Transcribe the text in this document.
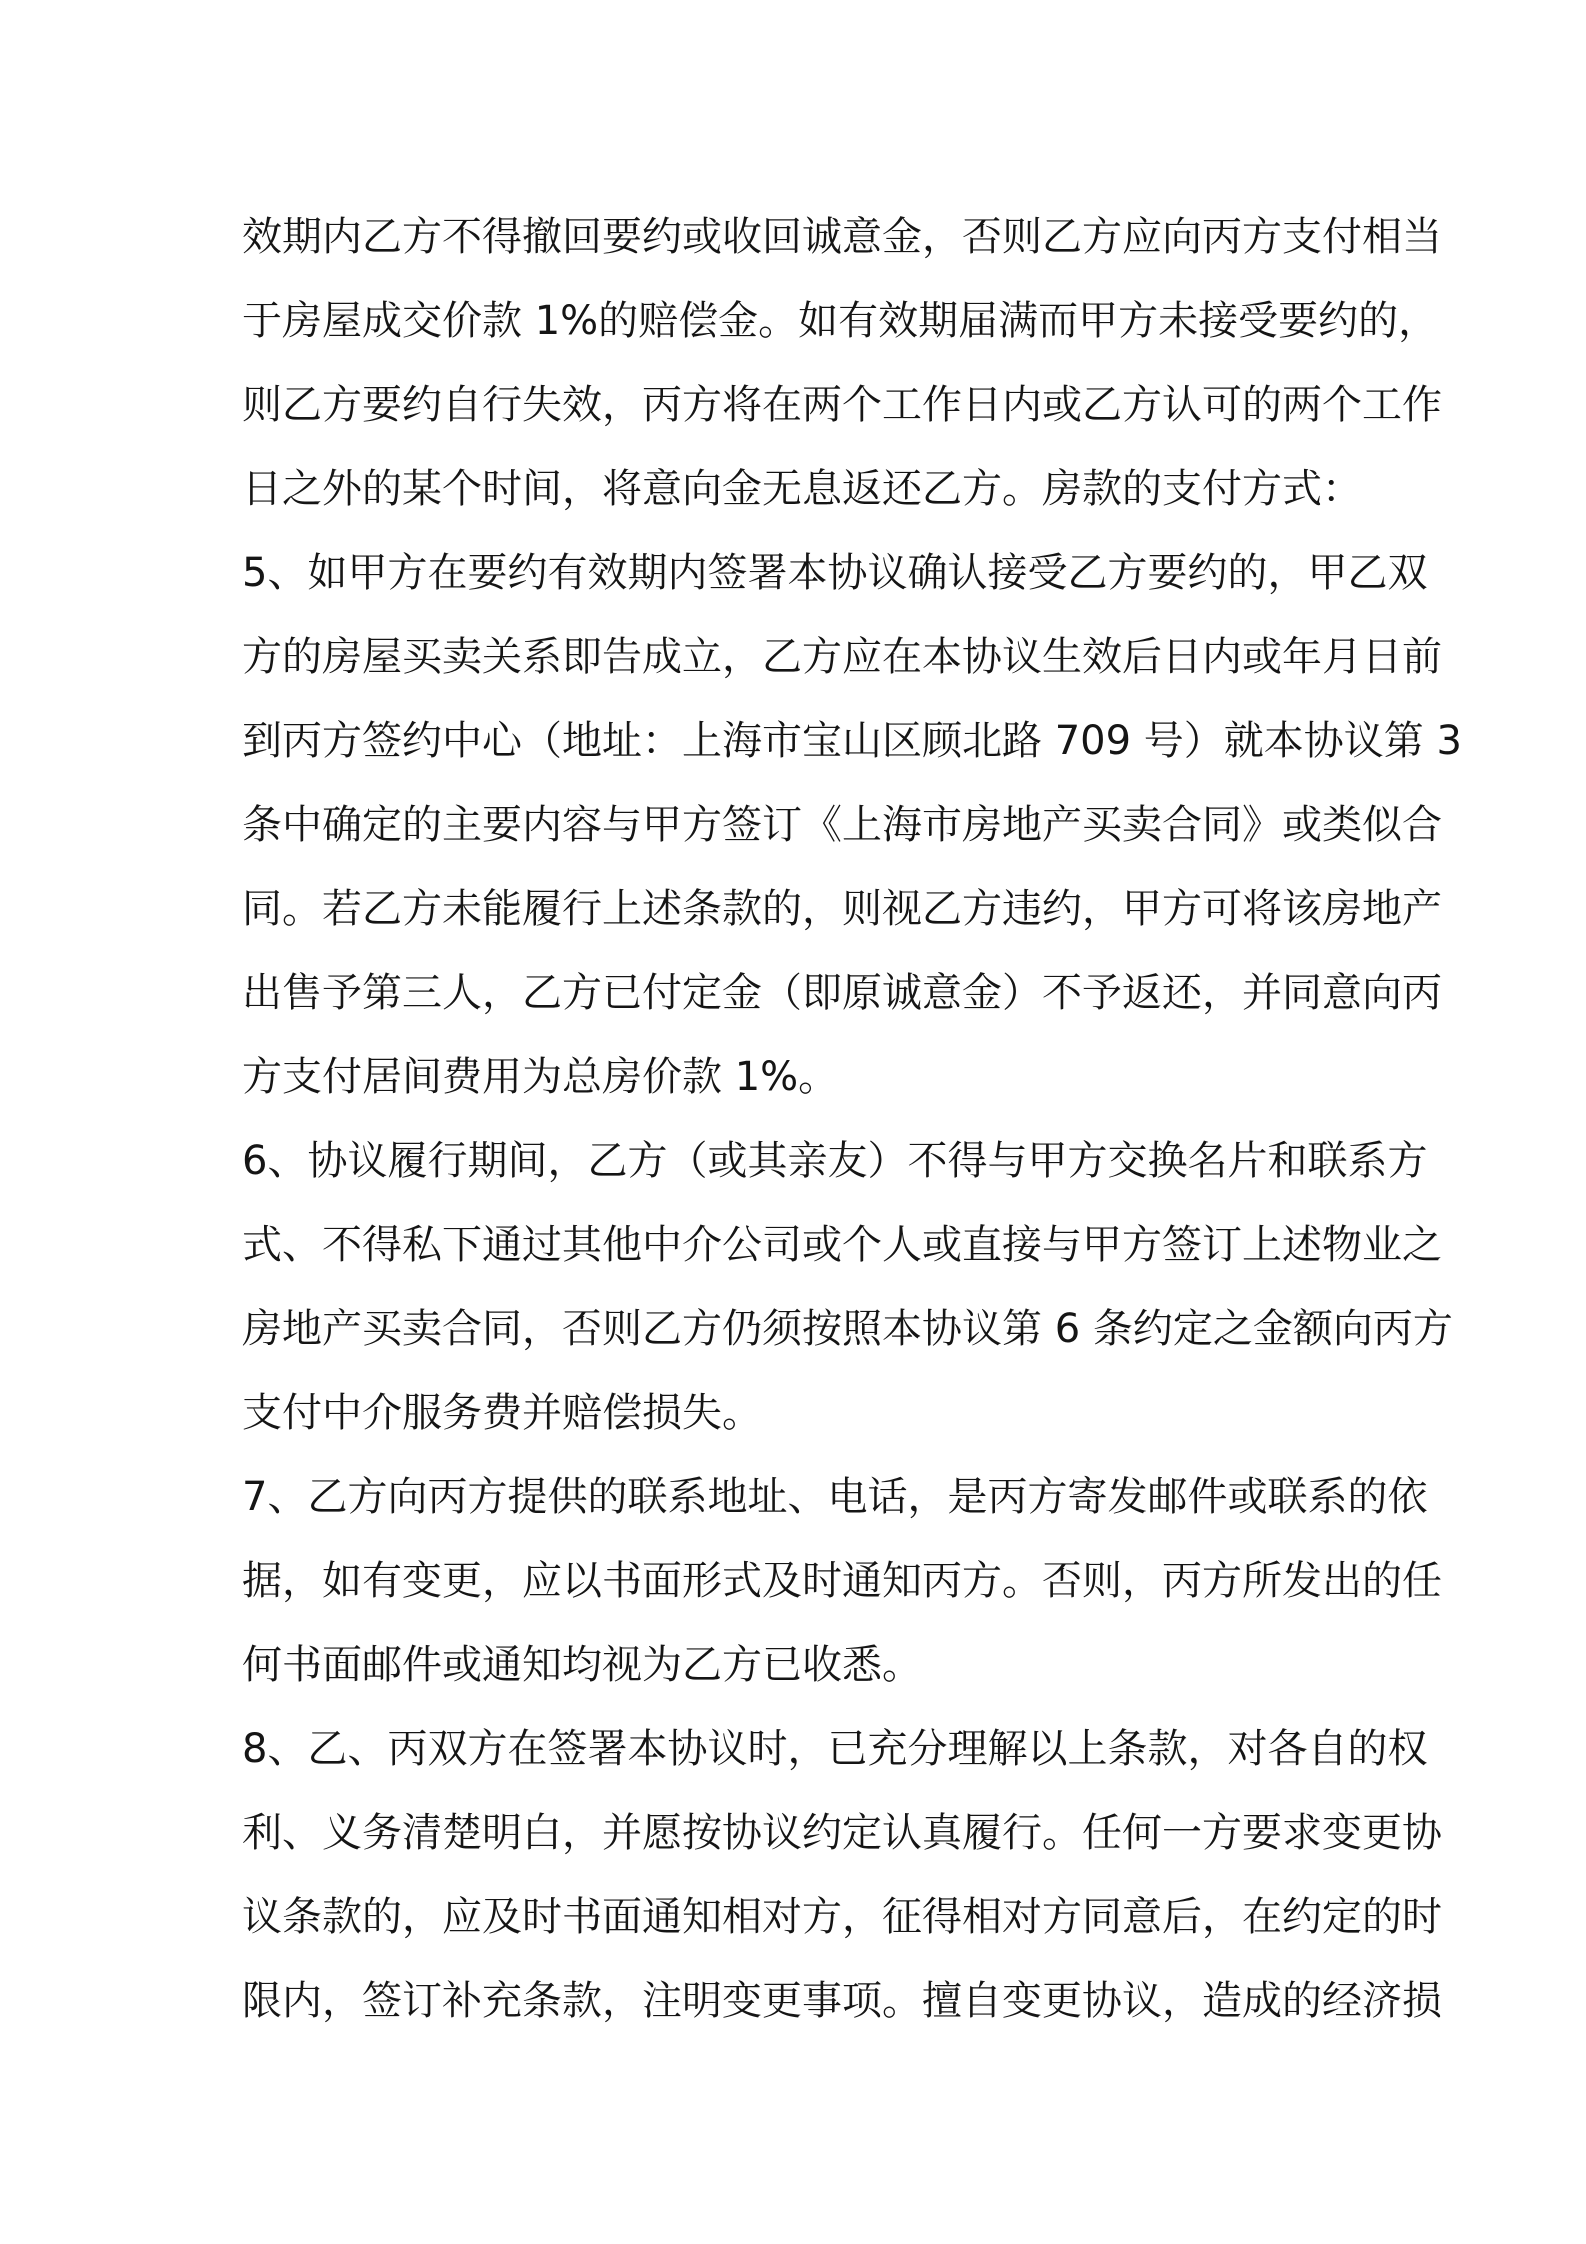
效期内乙方不得撤回要约或收回诚意金，否则乙方应向丙方支付相当
于房屋成交价款 1%的赔偿金。如有效期届满而甲方未接受要约的，
则乙方要约自行失效，丙方将在两个工作日内或乙方认可的两个工作
日之外的某个时间，将意向金无息返还乙方。房款的支付方式：
5、如甲方在要约有效期内签署本协议确认接受乙方要约的，甲乙双
方的房屋买卖关系即告成立，乙方应在本协议生效后日内或年月日前
到丙方签约中心（地址：上海市宝山区顾北路 709 号）就本协议第 3
条中确定的主要内容与甲方签订《上海市房地产买卖合同》或类似合
同。若乙方未能履行上述条款的，则视乙方违约，甲方可将该房地产
出售予第三人，乙方已付定金（即原诚意金）不予返还，并同意向丙
方支付居间费用为总房价款 1%。
6、协议履行期间，乙方（或其亲友）不得与甲方交换名片和联系方
式、不得私下通过其他中介公司或个人或直接与甲方签订上述物业之
房地产买卖合同，否则乙方仍须按照本协议第 6 条约定之金额向丙方
支付中介服务费并赔偿损失。
7、乙方向丙方提供的联系地址、电话，是丙方寄发邮件或联系的依
据，如有变更，应以书面形式及时通知丙方。否则，丙方所发出的任
何书面邮件或通知均视为乙方已收悉。
8、乙、丙双方在签署本协议时，已充分理解以上条款，对各自的权
利、义务清楚明白，并愿按协议约定认真履行。任何一方要求变更协
议条款的，应及时书面通知相对方，征得相对方同意后，在约定的时
限内，签订补充条款，注明变更事项。擅自变更协议，造成的经济损
